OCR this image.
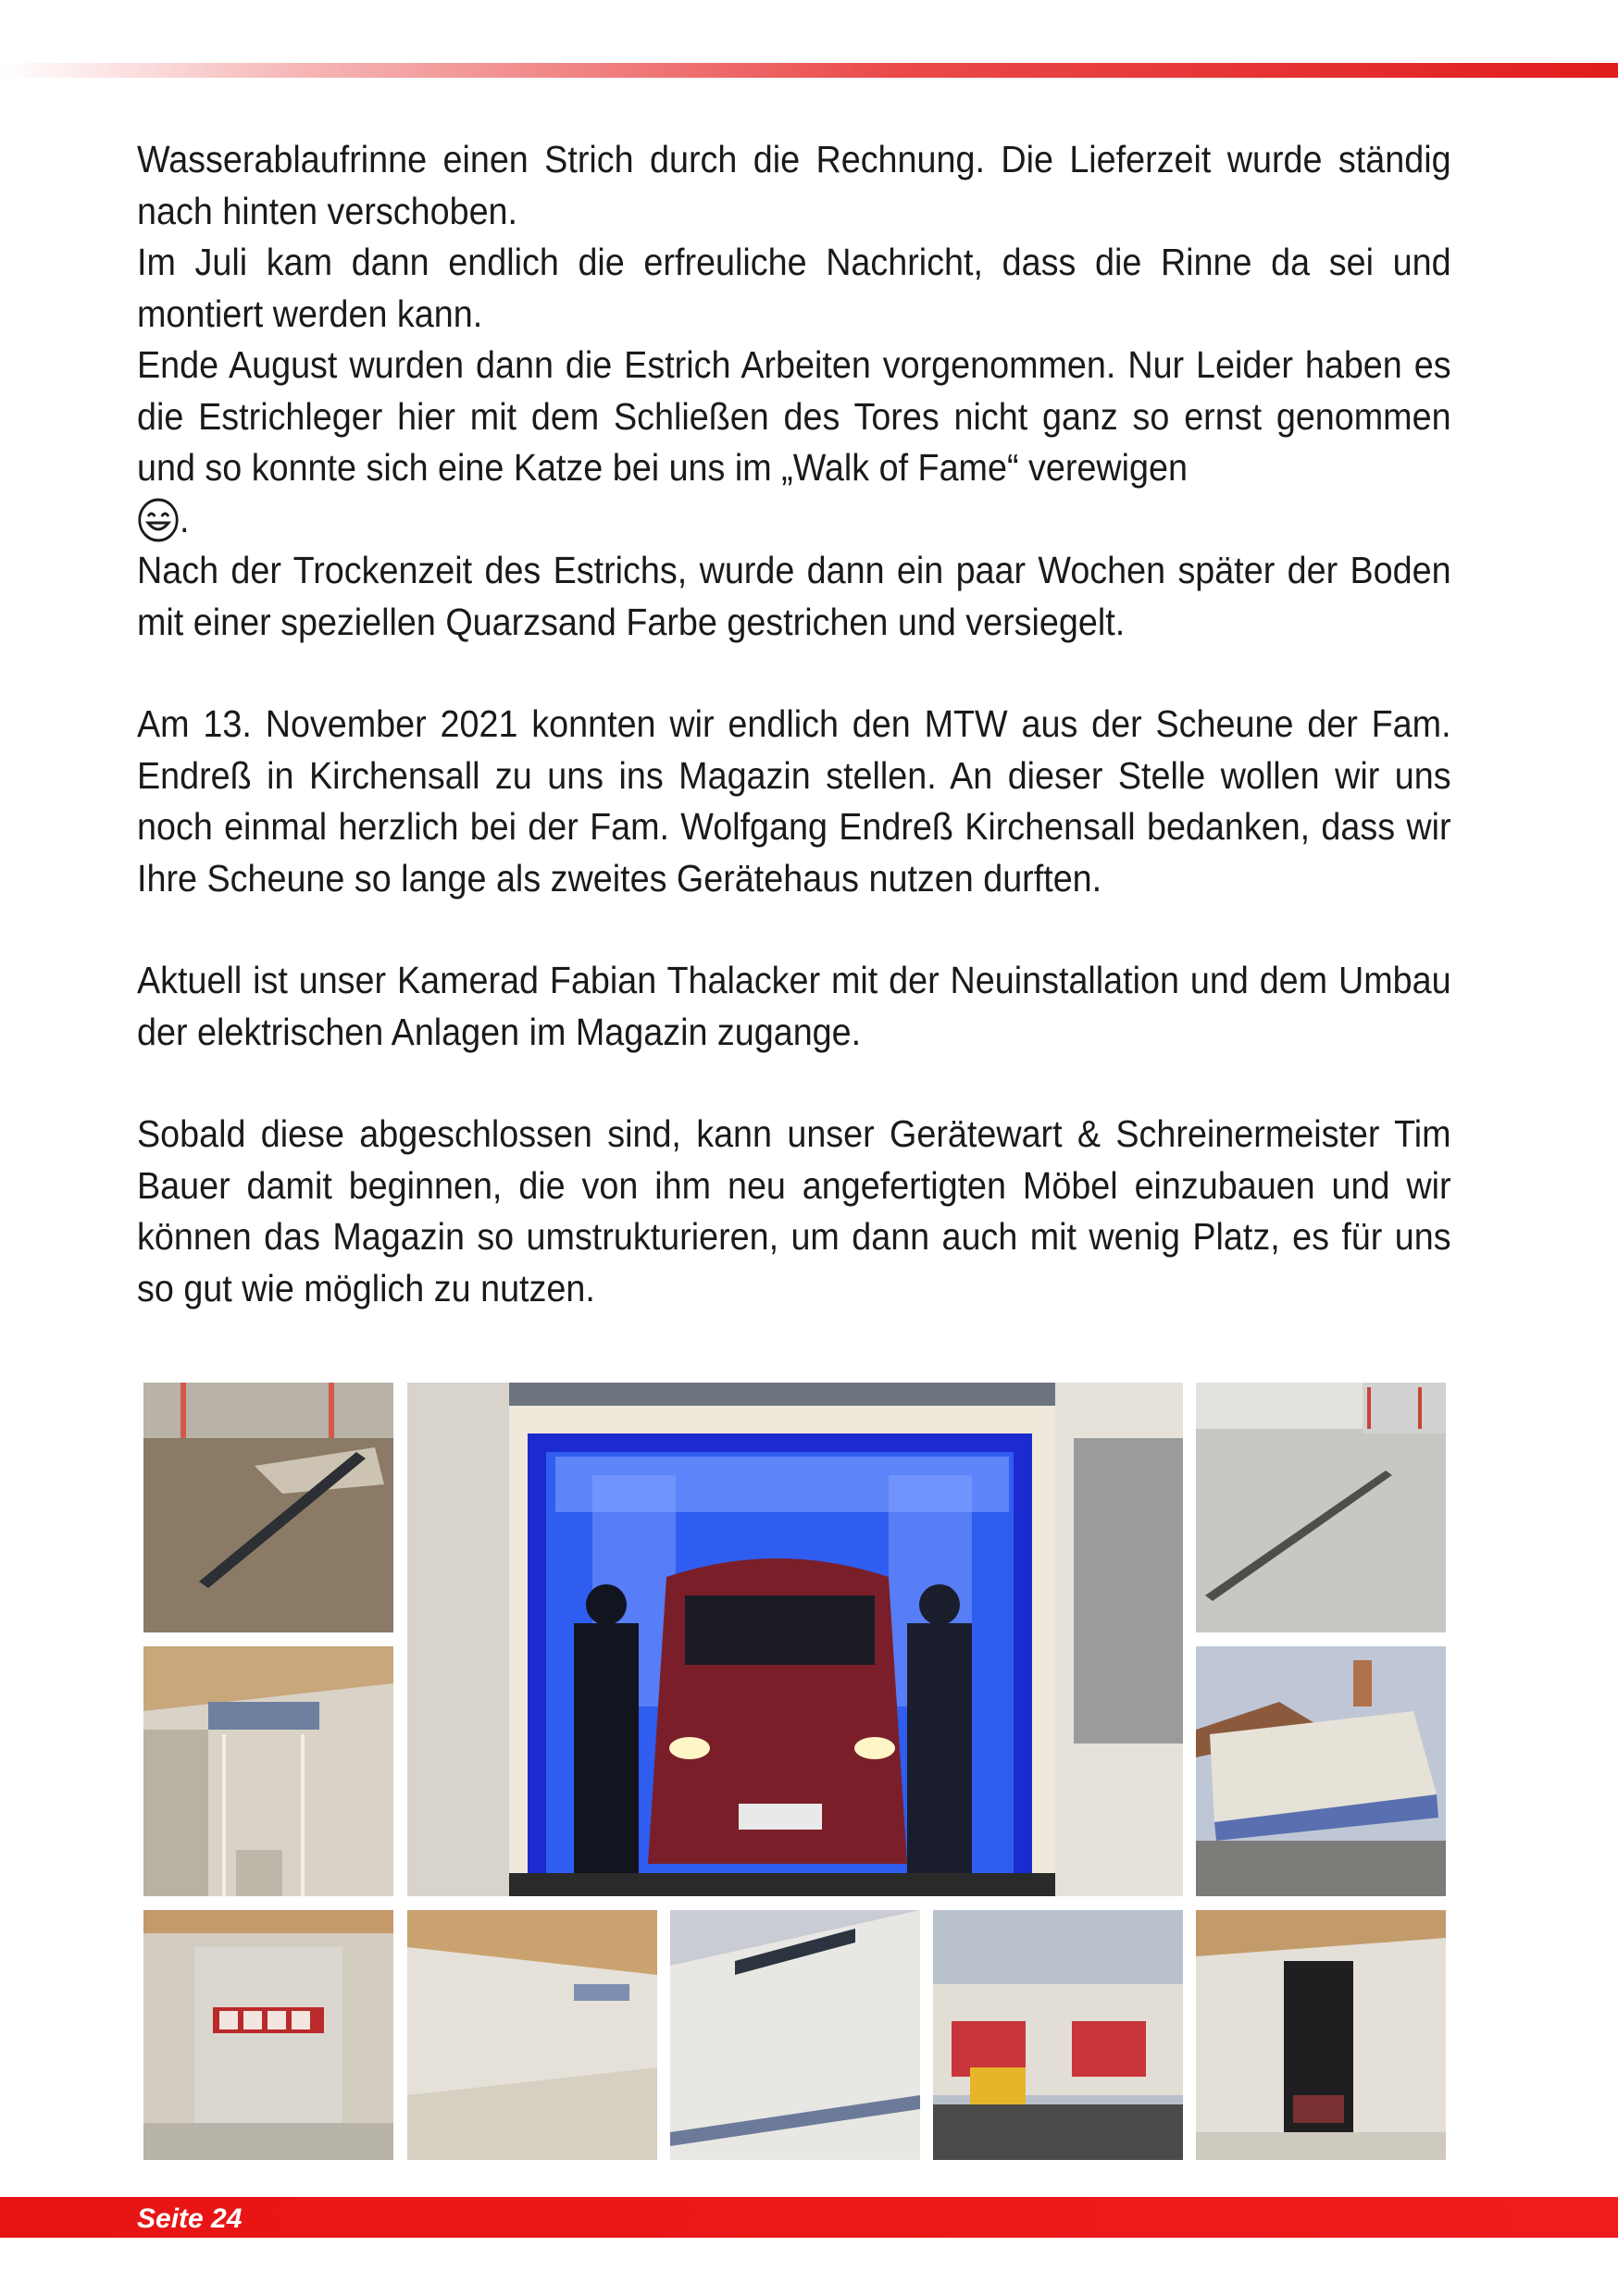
Wasserablaufrinne einen Strich durch die Rechnung. Die Lieferzeit wurde ständig nach hinten verschoben.

Im Juli kam dann endlich die erfreuliche Nachricht, dass die Rinne da sei und montiert werden kann.

Ende August wurden dann die Estrich Arbeiten vorgenommen. Nur Leider haben es die Estrichleger hier mit dem Schließen des Tores nicht ganz so ernst genommen und so konnte sich eine Katze bei uns im „Walk of Fame“ verewigen
.

Nach der Trockenzeit des Estrichs, wurde dann ein paar Wochen später der Boden mit einer speziellen Quarzsand Farbe gestrichen und versiegelt.

Am 13. November 2021 konnten wir endlich den MTW aus der Scheune der Fam. Endreß in Kirchensall zu uns ins Magazin stellen. An dieser Stelle wollen wir uns noch einmal herzlich bei der Fam. Wolfgang Endreß Kirchensall bedanken, dass wir Ihre Scheune so lange als zweites Gerätehaus nutzen durften.

Aktuell ist unser Kamerad Fabian Thalacker mit der Neuinstallation und dem Umbau der elektrischen Anlagen im Magazin zugange.

Sobald diese abgeschlossen sind, kann unser Gerätewart & Schreinermeister Tim Bauer damit beginnen, die von ihm neu angefertigten Möbel einzubauen und wir können das Magazin so umstrukturieren, um dann auch mit wenig Platz, es für uns so gut wie möglich zu nutzen.

Seite 24
